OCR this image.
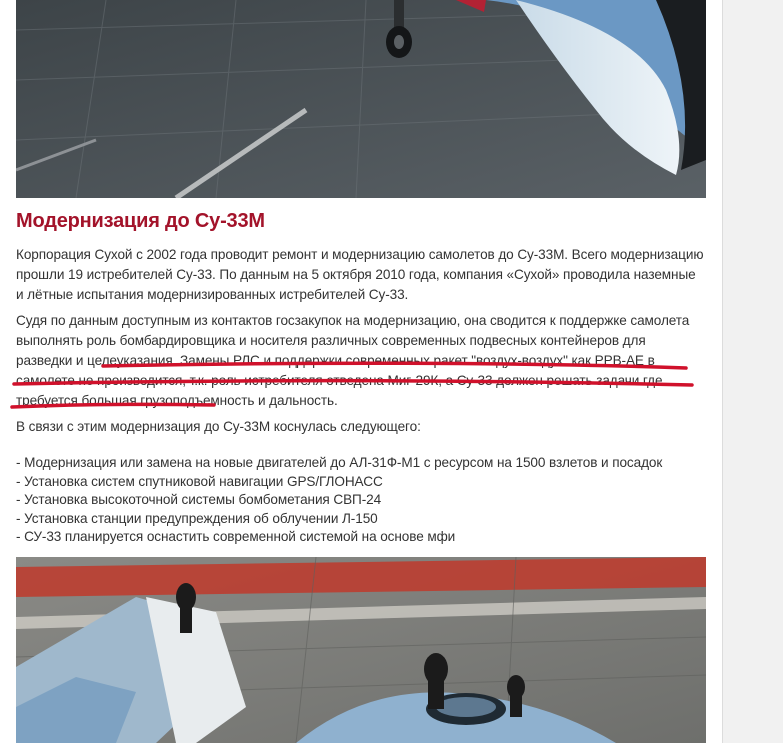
Модернизация до Су-33М
Корпорация Сухой с 2002 года проводит ремонт и модернизацию самолетов до Су-33М. Всего модернизацию прошли 19 истребителей Су-33. По данным на 5 октября 2010 года, компания «Сухой» проводила наземные и лётные испытания модернизированных истребителей Су-33.
Судя по данным доступным из контактов госзакупок на модернизацию, она сводится к поддержке самолета выполнять роль бомбардировщика и носителя различных современных подвесных контейнеров для разведки и целеуказания. Замены РЛС и поддержки современных ракет "воздух-воздух" как РРВ-АЕ в самолете не производится, т.к. роль истребителя отведена Миг-29К, а Су-33 должен решать задачи где требуется большая грузоподъемность и дальность.
В связи с этим модернизация до Су-33М коснулась следующего:
- Модернизация или замена на новые двигателей до АЛ-31Ф-М1 с ресурсом на 1500 взлетов и посадок
- Установка систем спутниковой навигации GPS/ГЛОНАСС
- Установка высокоточной системы бомбометания СВП-24
- Установка станции предупреждения об облучении Л-150
- СУ-33 планируется оснастить современной системой на основе мфи
